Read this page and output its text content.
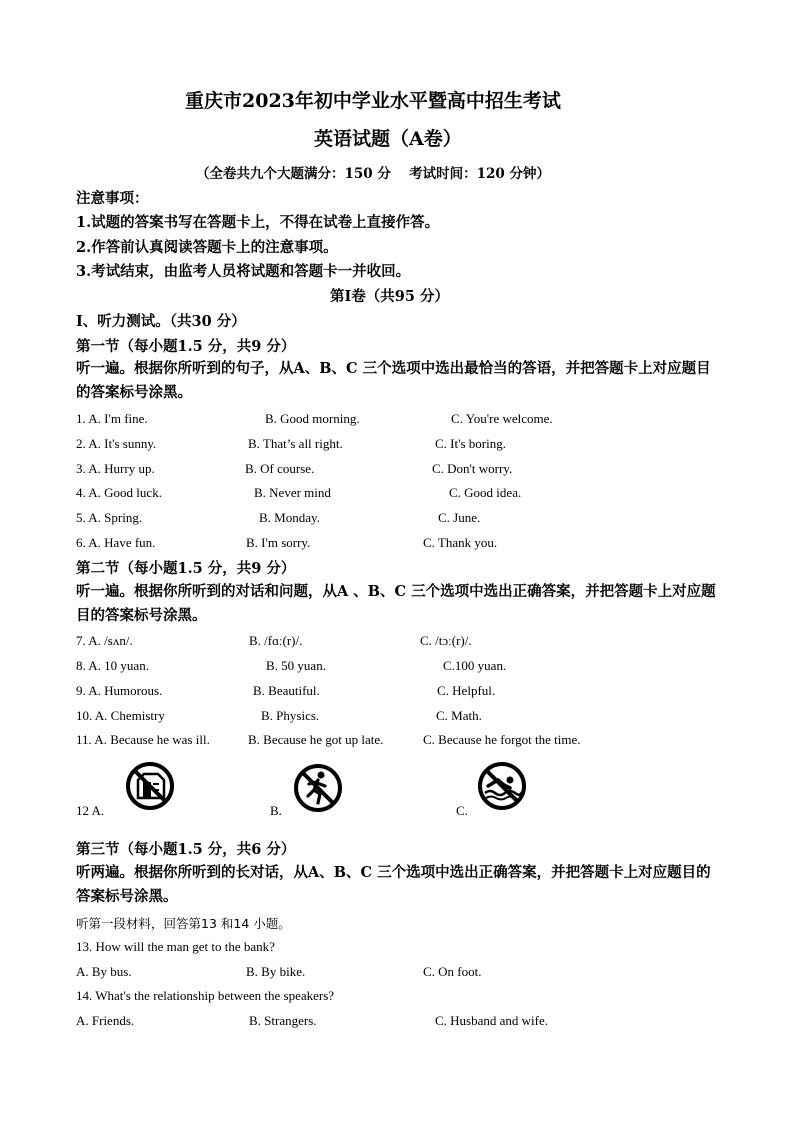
重庆市2023年初中学业水平暨高中招生考试
英语试题（A卷）
（全卷共九个大题满分：150 分　 考试时间：120 分钟）
注意事项：
1.试题的答案书写在答题卡上，不得在试卷上直接作答。
2.作答前认真阅读答题卡上的注意事项。
3.考试结束，由监考人员将试题和答题卡一并收回。
第Ⅰ卷（共95 分）
Ⅰ、听力测试。（共30 分）
第一节（每小题1.5 分，共9 分）
听一遍。根据你所听到的句子，从A、B、C 三个选项中选出最恰当的答语，并把答题卡上对应题目的答案标号涂黑。
1. A. I'm fine.	B. Good morning.	C. You're welcome.
2. A. It's sunny.	B. That’s all right.	C. It's boring.
3. A. Hurry up.	B. Of course.	C. Don't worry.
4. A. Good luck.	B. Never mind	C. Good idea.
5. A. Spring.	B. Monday.	C. June.
6. A. Have fun.	B. I'm sorry.	C. Thank you.
第二节（每小题1.5 分，共9 分）
听一遍。根据你所听到的对话和问题，从A 、B、C 三个选项中选出正确答案，并把答题卡上对应题目的答案标号涂黑。
7. A. /sʌn/.	B. /fɑː(r)/.	C. /tɔː(r)/.
8. A. 10 yuan.	B. 50 yuan.	C.100 yuan.
9. A. Humorous.	B. Beautiful.	C. Helpful.
10. A. Chemistry	B. Physics.	C. Math.
11. A. Because he was ill.	B. Because he got up late.	C. Because he forgot the time.
12 A.	B.	C.
第三节（每小题1.5 分，共6 分）
听两遍。根据你所听到的长对话，从A、B、C 三个选项中选出正确答案，并把答题卡上对应题目的答案标号涂黑。
听第一段材料，回答第13 和14 小题。
13. How will the man get to the bank?
A. By bus.	B. By bike.	C. On foot.
14. What's the relationship between the speakers?
A. Friends.	B. Strangers.	C. Husband and wife.
